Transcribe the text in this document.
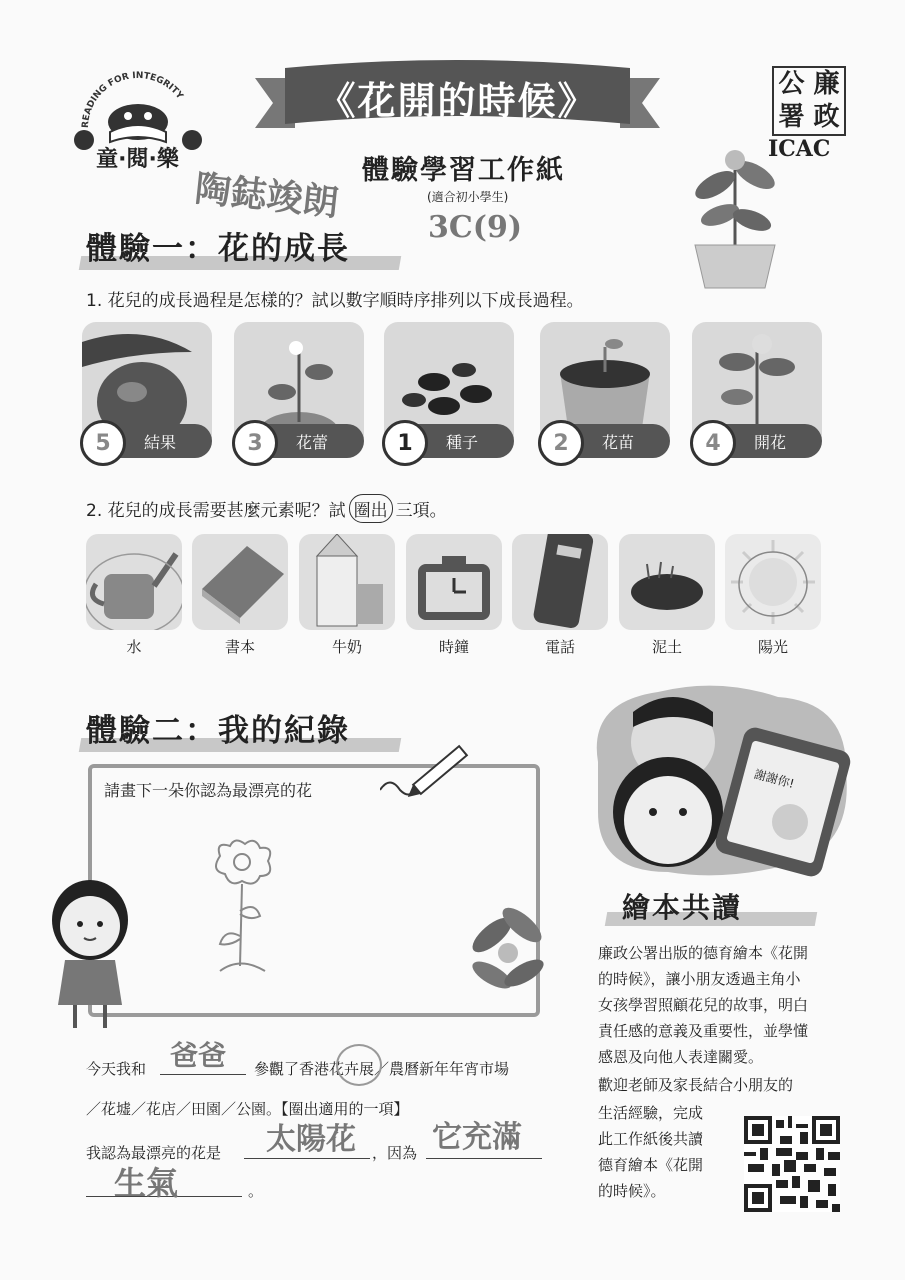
READING FOR INTEGRITY
童·閱·樂
公 廉
署 政
ICAC
《花開的時候》
體驗學習工作紙
(適合初小學生)
陶鋕竣朗
3C(9)
體驗一：花的成長
1. 花兒的成長過程是怎樣的？試以數字順時序排列以下成長過程。
5	結果	3	花蕾	1	種子	2	花苗	4	開花
2. 花兒的成長需要甚麼元素呢？試 圈出 三項。
水	書本	牛奶	時鐘	電話	泥土	陽光
體驗二：我的紀錄
請畫下一朵你認為最漂亮的花
今天我和 爸爸 參觀了香港花卉展／農曆新年年宵市場
／花墟／花店／田園／公園。【圈出適用的一項】
我認為最漂亮的花是 太陽花 ，因為 它充滿
生氣	。
謝謝你!
繪本共讀
廉政公署出版的德育繪本《花開
的時候》，讓小朋友透過主角小
女孩學習照顧花兒的故事，明白
責任感的意義及重要性，並學懂
感恩及向他人表達關愛。
歡迎老師及家長結合小朋友的
生活經驗，完成
此工作紙後共讀
德育繪本《花開
的時候》。
